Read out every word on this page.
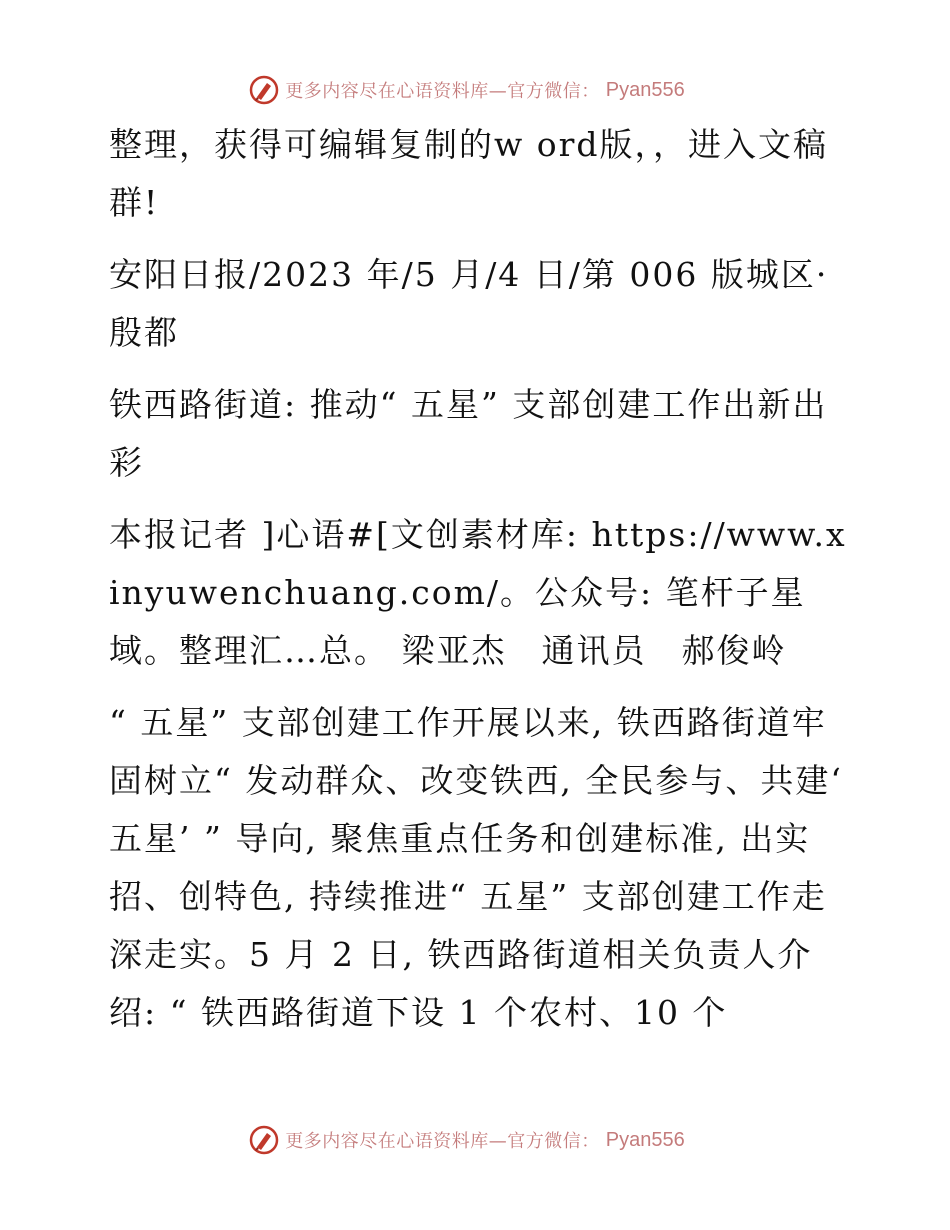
更多内容尽在心语资料库—官方微信： Pyan556

整理，获得可编辑复制的w ord版，，进入文稿群!

安阳日报/2023 年/5 月/4 日/第 006 版城区·殷都

铁西路街道: 推动“ 五星” 支部创建工作出新出彩

本报记者 ]心语#[文创素材库: https://www.xinyuwenchuang.com/。公众号: 笔杆子星域。整理汇…总。 梁亚杰　通讯员　郝俊岭

“ 五星” 支部创建工作开展以来, 铁西路街道牢固树立“ 发动群众、改变铁西, 全民参与、共建‘ 五星’ ” 导向, 聚焦重点任务和创建标准, 出实招、创特色, 持续推进“ 五星” 支部创建工作走深走实。5 月 2 日, 铁西路街道相关负责人介绍: “ 铁西路街道下设 1 个农村、10 个

更多内容尽在心语资料库—官方微信： Pyan556
